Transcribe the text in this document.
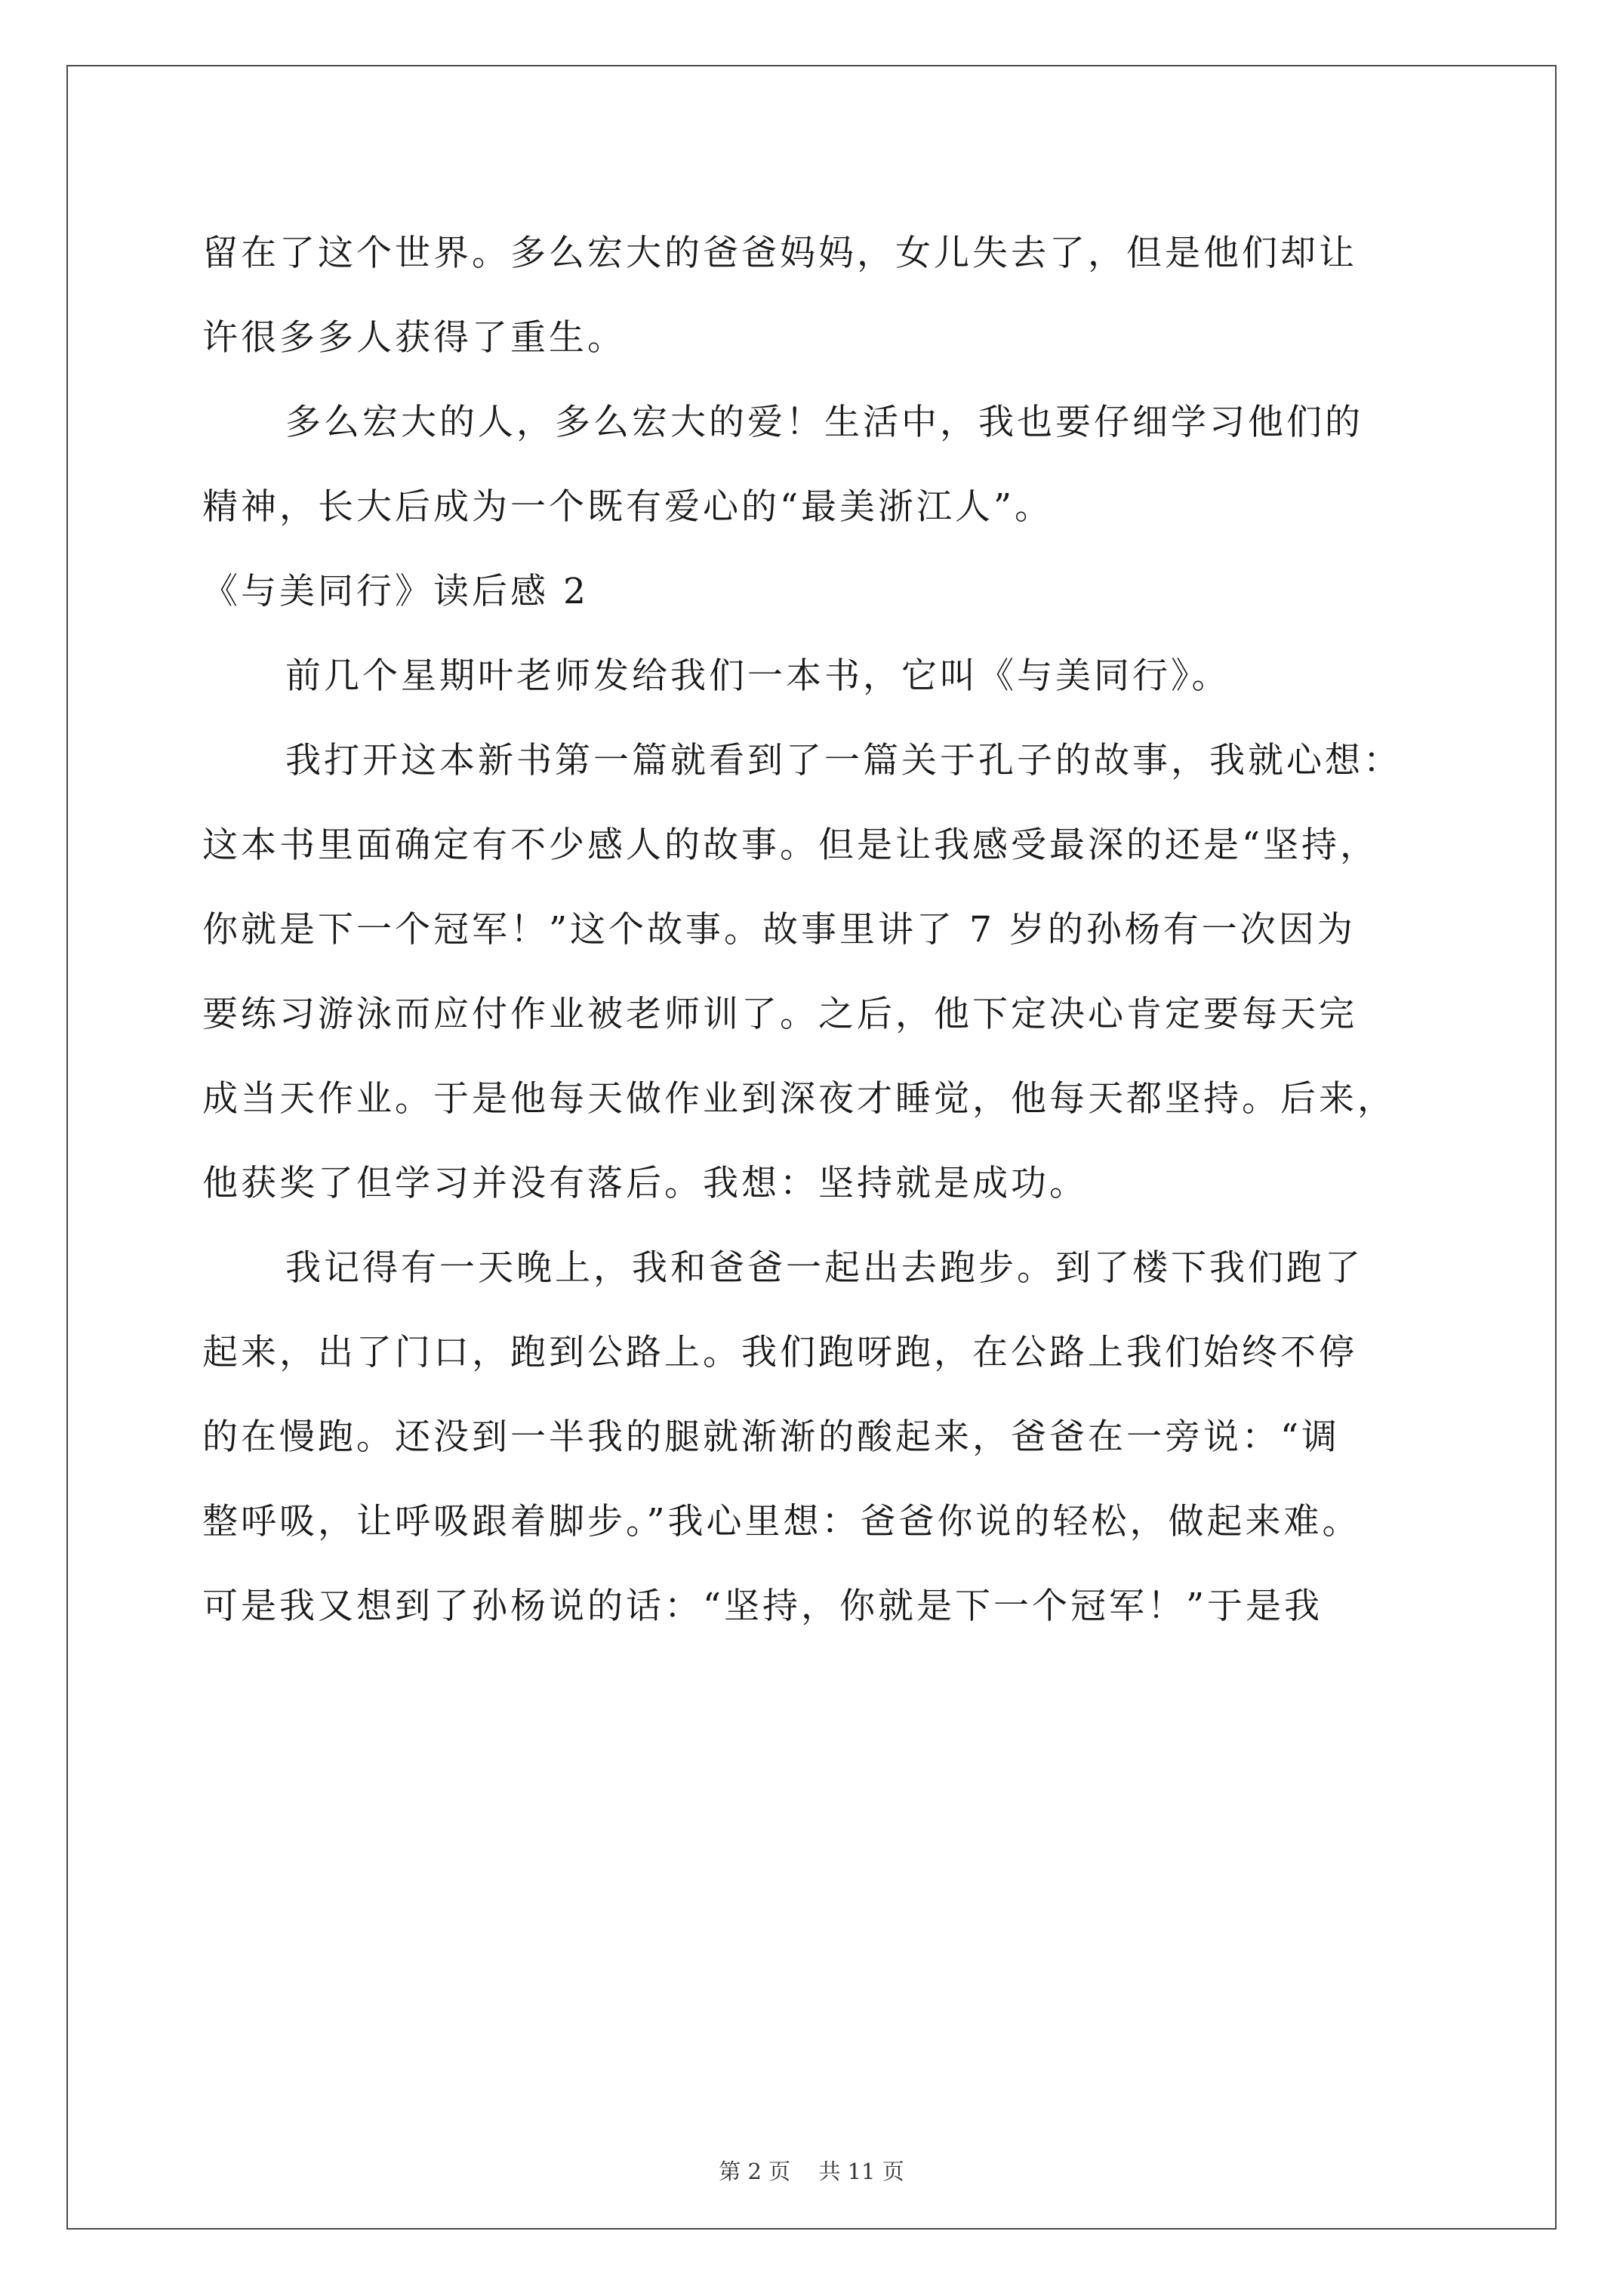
留在了这个世界。多么宏大的爸爸妈妈，女儿失去了，但是他们却让
许很多多人获得了重生。
多么宏大的人，多么宏大的爱！生活中，我也要仔细学习他们的
精神，长大后成为一个既有爱心的“最美浙江人”。
《与美同行》读后感 2
前几个星期叶老师发给我们一本书，它叫《与美同行》。
我打开这本新书第一篇就看到了一篇关于孔子的故事，我就心想：
这本书里面确定有不少感人的故事。但是让我感受最深的还是“坚持，
你就是下一个冠军！”这个故事。故事里讲了 7 岁的孙杨有一次因为
要练习游泳而应付作业被老师训了。之后，他下定决心肯定要每天完
成当天作业。于是他每天做作业到深夜才睡觉，他每天都坚持。后来，
他获奖了但学习并没有落后。我想：坚持就是成功。
我记得有一天晚上，我和爸爸一起出去跑步。到了楼下我们跑了
起来，出了门口，跑到公路上。我们跑呀跑，在公路上我们始终不停
的在慢跑。还没到一半我的腿就渐渐的酸起来，爸爸在一旁说：“调
整呼吸，让呼吸跟着脚步。”我心里想：爸爸你说的轻松，做起来难。
可是我又想到了孙杨说的话：“坚持，你就是下一个冠军！”于是我
第 2 页 共 11 页
